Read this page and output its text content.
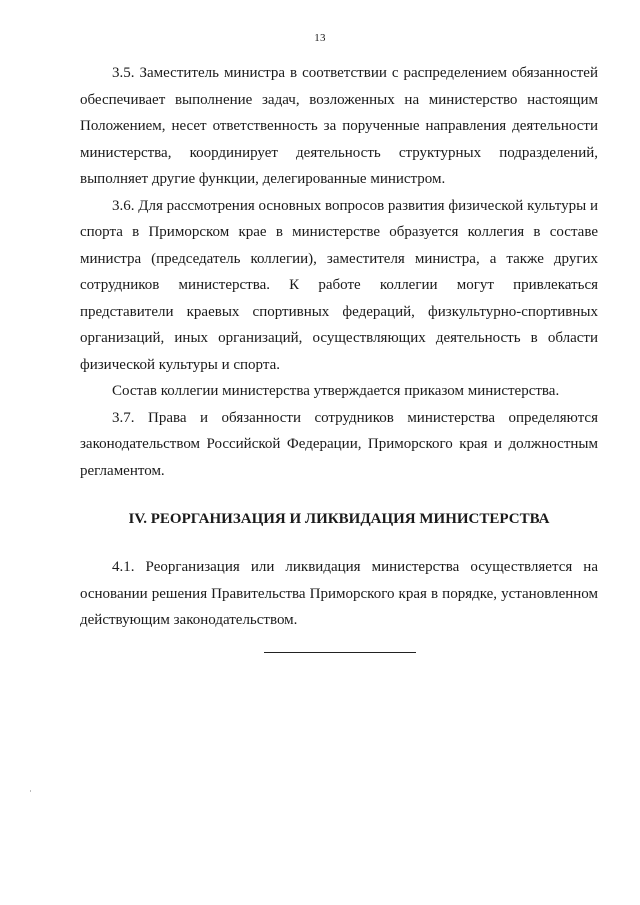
13

3.5. Заместитель министра в соответствии с распределением обязанностей обеспечивает выполнение задач, возложенных на министерство настоящим Положением, несет ответственность за порученные направления деятельности министерства, координирует деятельность структурных подразделений, выполняет другие функции, делегированные министром.

3.6. Для рассмотрения основных вопросов развития физической культуры и спорта в Приморском крае в министерстве образуется коллегия в составе министра (председатель коллегии), заместителя министра, а также других сотрудников министерства. К работе коллегии могут привлекаться представители краевых спортивных федераций, физкультурно-спортивных организаций, иных организаций, осуществляющих деятельность в области физической культуры и спорта.

Состав коллегии министерства утверждается приказом министерства.

3.7. Права и обязанности сотрудников министерства определяются законодательством Российской Федерации, Приморского края и должностным регламентом.

IV. РЕОРГАНИЗАЦИЯ И ЛИКВИДАЦИЯ МИНИСТЕРСТВА

4.1. Реорганизация или ликвидация министерства осуществляется на основании решения Правительства Приморского края в порядке, установленном действующим законодательством.
